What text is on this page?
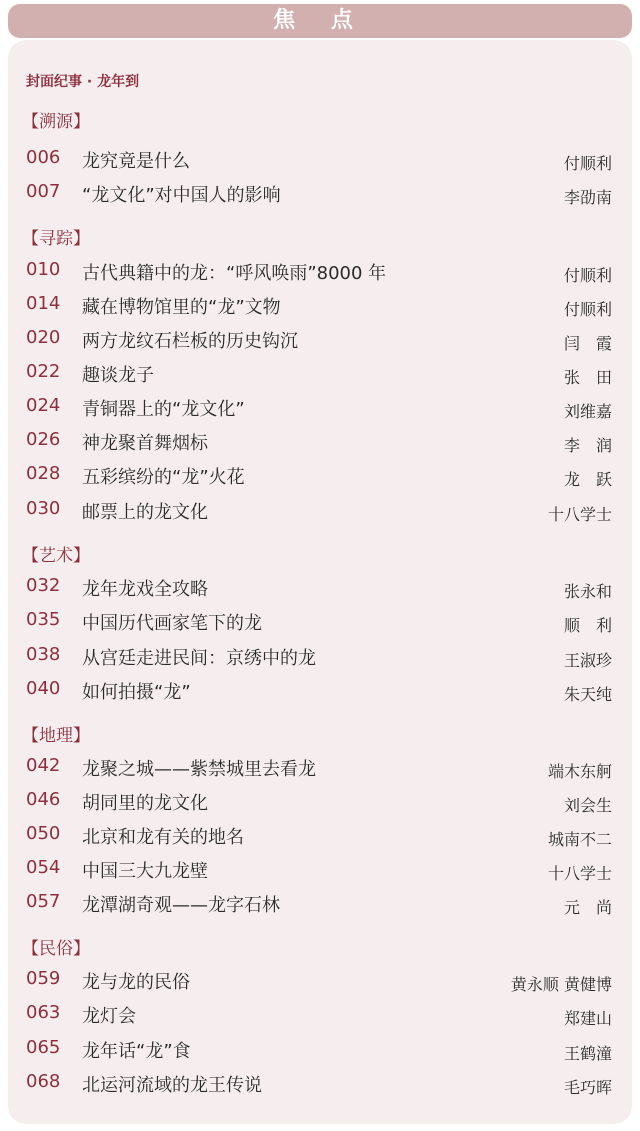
焦 点
封面纪事 · 龙年到
【溯源】
006 龙究竟是什么	付顺利
007 “龙文化”对中国人的影响	李劭南
【寻踪】
010 古代典籍中的龙：“呼风唤雨”8000 年	付顺利
014 藏在博物馆里的“龙”文物	付顺利
020 两方龙纹石栏板的历史钩沉	闫　霞
022 趣谈龙子	张　田
024 青铜器上的“龙文化”	刘维嘉
026 神龙聚首舞烟标	李　润
028 五彩缤纷的“龙”火花	龙　跃
030 邮票上的龙文化	十八学士
【艺术】
032 龙年龙戏全攻略	张永和
035 中国历代画家笔下的龙	顺　利
038 从宫廷走进民间：京绣中的龙	王淑珍
040 如何拍摄“龙”	朱天纯
【地理】
042 龙聚之城——紫禁城里去看龙	端木东舸
046 胡同里的龙文化	刘会生
050 北京和龙有关的地名	城南不二
054 中国三大九龙壁	十八学士
057 龙潭湖奇观——龙字石林	元　尚
【民俗】
059 龙与龙的民俗	黄永顺 黄健博
063 龙灯会	郑建山
065 龙年话“龙”食	王鹤潼
068 北运河流域的龙王传说	毛巧晖
